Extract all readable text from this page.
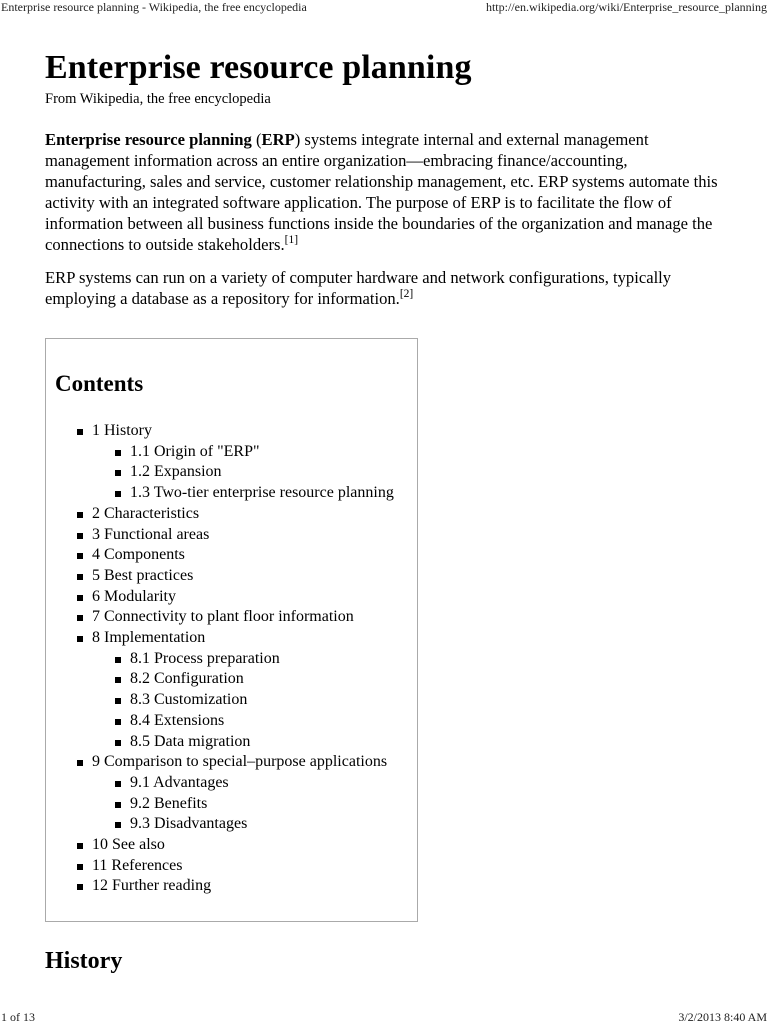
Enterprise resource planning - Wikipedia, the free encyclopedia	http://en.wikipedia.org/wiki/Enterprise_resource_planning
Enterprise resource planning
From Wikipedia, the free encyclopedia

Enterprise resource planning (ERP) systems integrate internal and external management management information across an entire organization—embracing finance/accounting, manufacturing, sales and service, customer relationship management, etc. ERP systems automate this activity with an integrated software application. The purpose of ERP is to facilitate the flow of information between all business functions inside the boundaries of the organization and manage the connections to outside stakeholders.[1]

ERP systems can run on a variety of computer hardware and network configurations, typically employing a database as a repository for information.[2]

Contents
1 History
1.1 Origin of "ERP"
1.2 Expansion
1.3 Two-tier enterprise resource planning
2 Characteristics
3 Functional areas
4 Components
5 Best practices
6 Modularity
7 Connectivity to plant floor information
8 Implementation
8.1 Process preparation
8.2 Configuration
8.3 Customization
8.4 Extensions
8.5 Data migration
9 Comparison to special–purpose applications
9.1 Advantages
9.2 Benefits
9.3 Disadvantages
10 See also
11 References
12 Further reading
History
1 of 13	3/2/2013 8:40 AM
